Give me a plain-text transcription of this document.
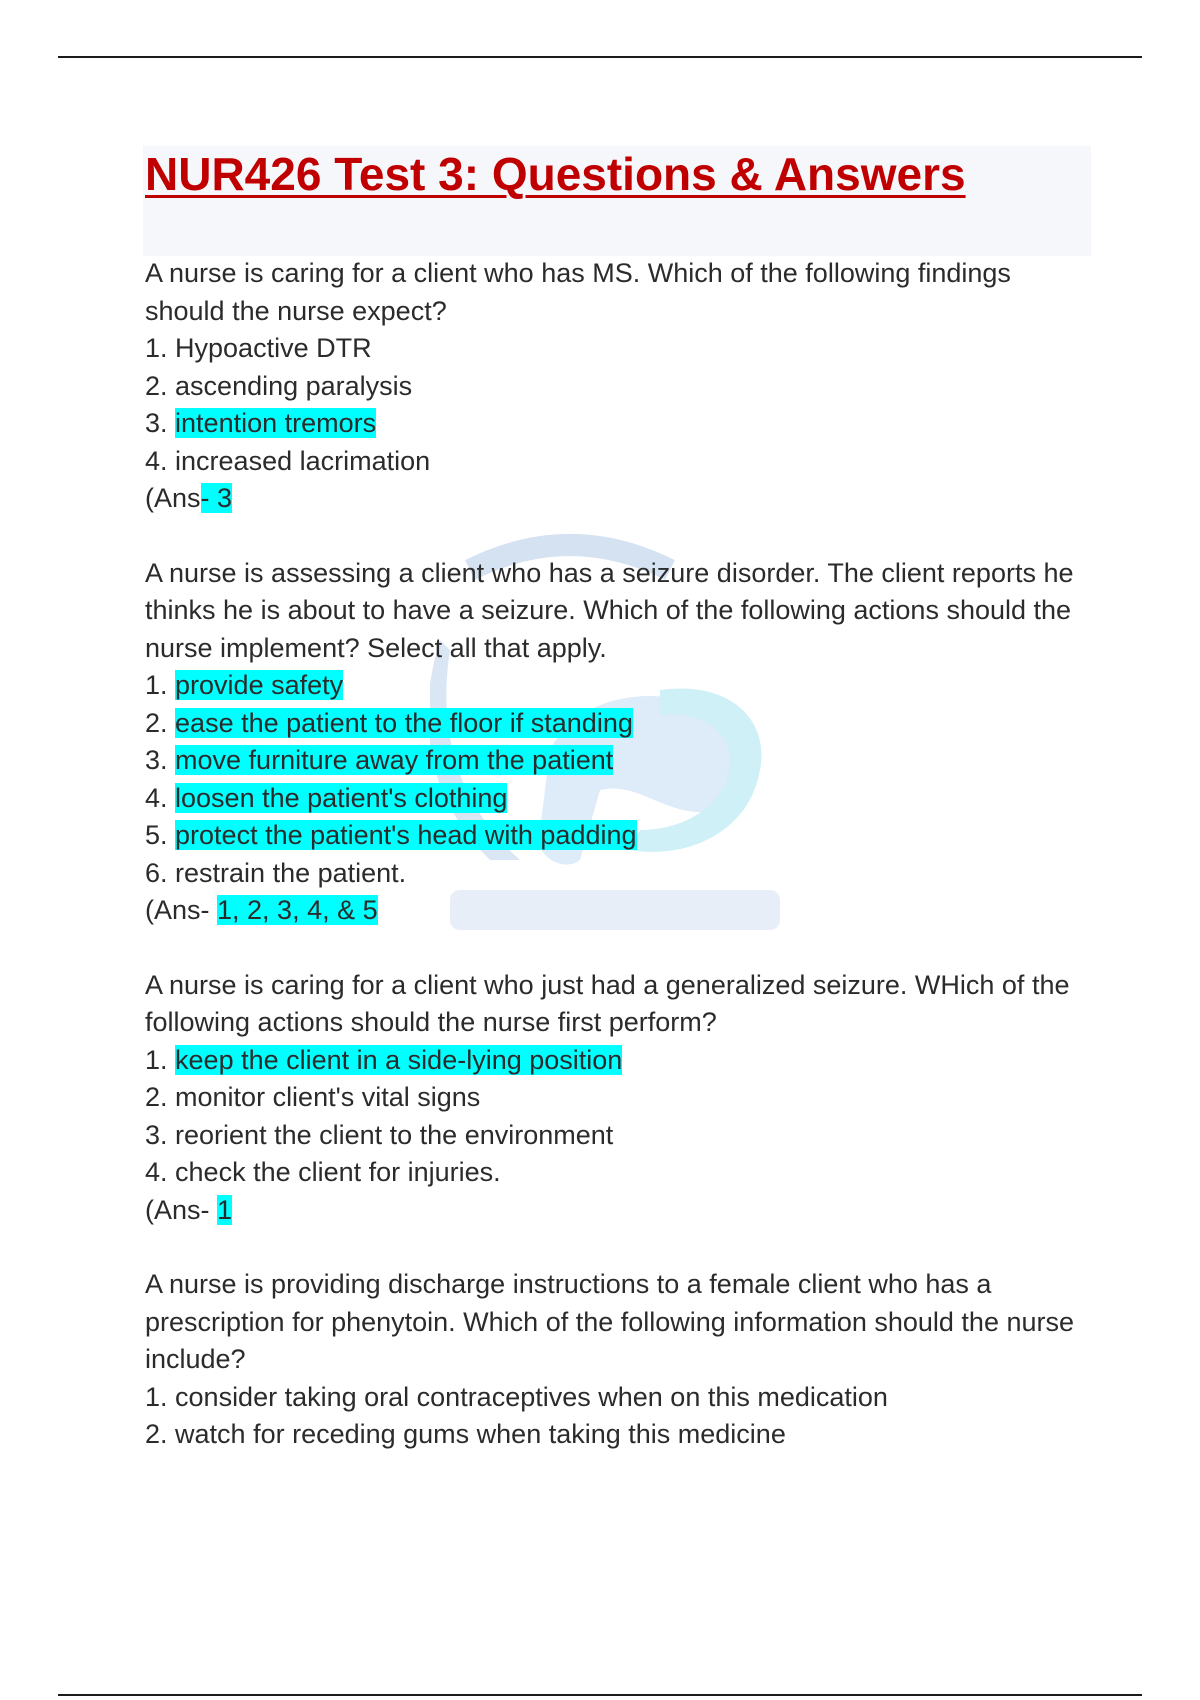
NUR426 Test 3: Questions & Answers
A nurse is caring for a client who has MS. Which of the following findings should the nurse expect?
1. Hypoactive DTR
2. ascending paralysis
3. intention tremors
4. increased lacrimation
(Ans- 3
A nurse is assessing a client who has a seizure disorder. The client reports he thinks he is about to have a seizure. Which of the following actions should the nurse implement? Select all that apply.
1. provide safety
2. ease the patient to the floor if standing
3. move furniture away from the patient
4. loosen the patient's clothing
5. protect the patient's head with padding
6. restrain the patient.
(Ans- 1, 2, 3, 4, & 5
A nurse is caring for a client who just had a generalized seizure. WHich of the following actions should the nurse first perform?
1. keep the client in a side-lying position
2. monitor client's vital signs
3. reorient the client to the environment
4. check the client for injuries.
(Ans- 1
A nurse is providing discharge instructions to a female client who has a prescription for phenytoin. Which of the following information should the nurse include?
1. consider taking oral contraceptives when on this medication
2. watch for receding gums when taking this medicine
